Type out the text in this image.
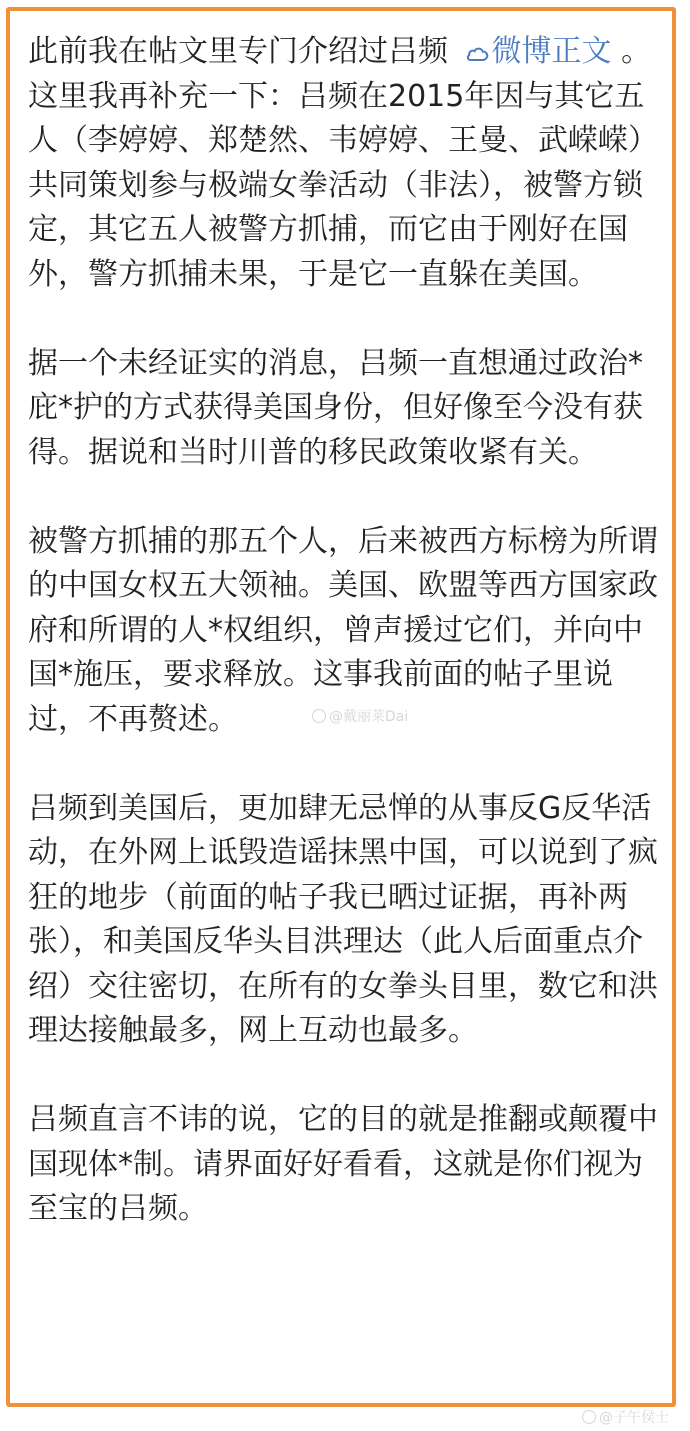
此前我在帖文里专门介绍过吕频
微博正文 。这里我再补充一下：吕频在2015年因与其它五人（李婷婷、郑楚然、韦婷婷、王曼、武嵘嵘）共同策划参与极端女拳活动（非法），被警方锁定，其它五人被警方抓捕，而它由于刚好在国外，警方抓捕未果，于是它一直躲在美国。

据一个未经证实的消息，吕频一直想通过政治*庇*护的方式获得美国身份，但好像至今没有获得。据说和当时川普的移民政策收紧有关。

被警方抓捕的那五个人，后来被西方标榜为所谓的中国女权五大领袖。美国、欧盟等西方国家政府和所谓的人*权组织，曾声援过它们，并向中国*施压，要求释放。这事我前面的帖子里说过，不再赘述。

吕频到美国后，更加肆无忌惮的从事反G反华活动，在外网上诋毁造谣抹黑中国，可以说到了疯狂的地步（前面的帖子我已晒过证据，再补两张），和美国反华头目洪理达（此人后面重点介绍）交往密切，在所有的女拳头目里，数它和洪理达接触最多，网上互动也最多。

吕频直言不讳的说，它的目的就是推翻或颠覆中国现体*制。请界面好好看看，这就是你们视为至宝的吕频。

@戴丽莱Dai
@子午侯士
